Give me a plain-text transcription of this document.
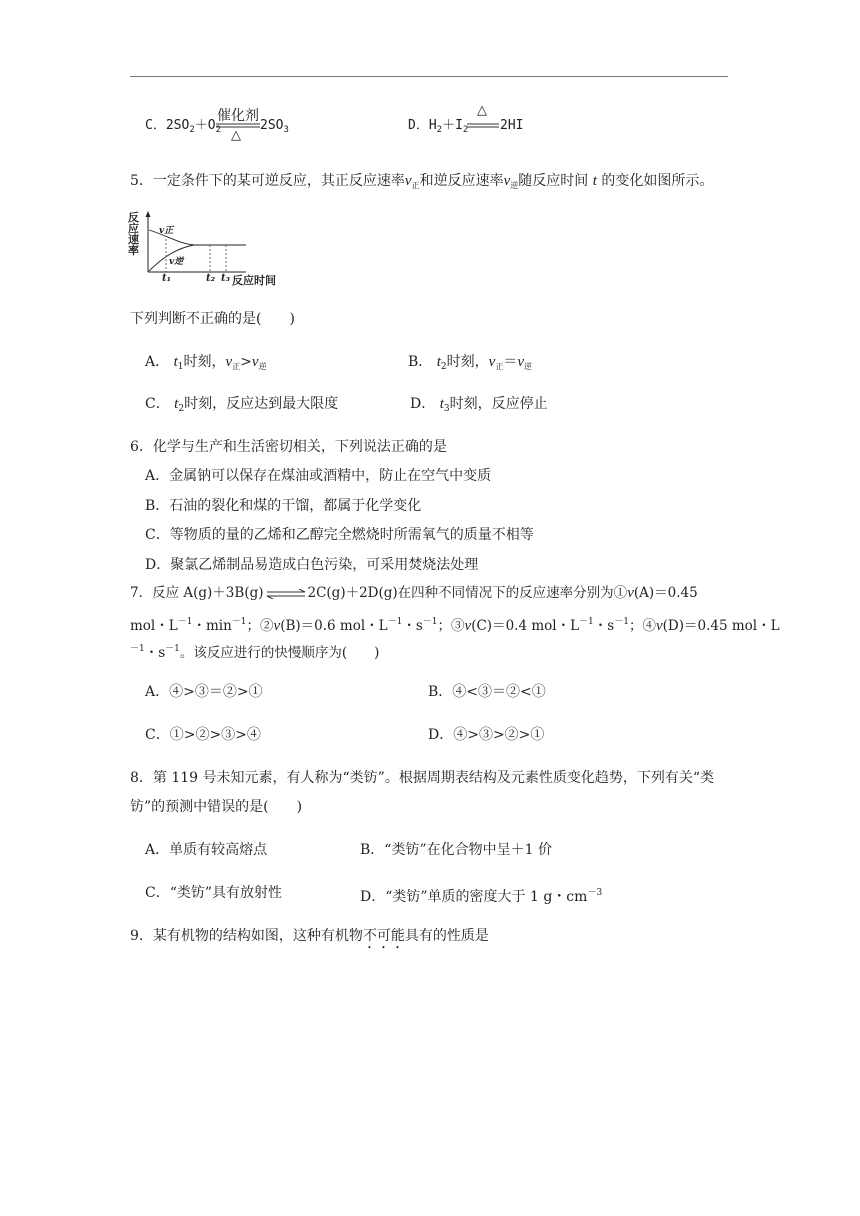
C．$2SO_2+O_2$
催化剂
△
$2SO_3$	D．$H_2+I_2$
△
2HI
5．一定条件下的某可逆反应，其正反应速率$v_正$和逆反应速率$v_逆$随反应时间 t 的变化如图所示。
反
应
速
率
v正
v逆
t₁	t₂ t₃ 反应时间
下列判断不正确的是(　　)
A． $t_1$时刻，$v_正>v_逆$	B． $t_2$时刻，$v_正=v_逆$
C． $t_2$时刻，反应达到最大限度	D． $t_3$时刻，反应停止
6．化学与生产和生活密切相关，下列说法正确的是
A．金属钠可以保存在煤油或酒精中，防止在空气中变质
B．石油的裂化和煤的干馏，都属于化学变化
C．等物质的量的乙烯和乙醇完全燃烧时所需氧气的质量不相等
D．聚氯乙烯制品易造成白色污染，可采用焚烧法处理
7．反应 A(g)＋3B(g)	2C(g)＋2D(g)在四种不同情况下的反应速率分别为①v(A)＝0.45
mol・$L^{-1}$・$\min^{-1}$；②v(B)＝0.6 mol・$L^{-1}$・$s^{-1}$；③v(C)＝0.4 mol・$L^{-1}$・$s^{-1}$；④v(D)＝0.45 mol・L
$^{-1}$・$s^{-1}$。该反应进行的快慢顺序为(　　)
A．④>③＝②>①	B．④<③＝②<①
C．①>②>③>④	D．④>③>②>①
8．第 119 号未知元素，有人称为“类钫”。根据周期表结构及元素性质变化趋势，下列有关“类
钫”的预测中错误的是(　　)
A．单质有较高熔点	B．“类钫”在化合物中呈＋1 价
C．“类钫”具有放射性	D．“类钫”单质的密度大于 1 g・$cm^{-3}$
9．某有机物的结构如图，这种有机物不可能具有的性质是
